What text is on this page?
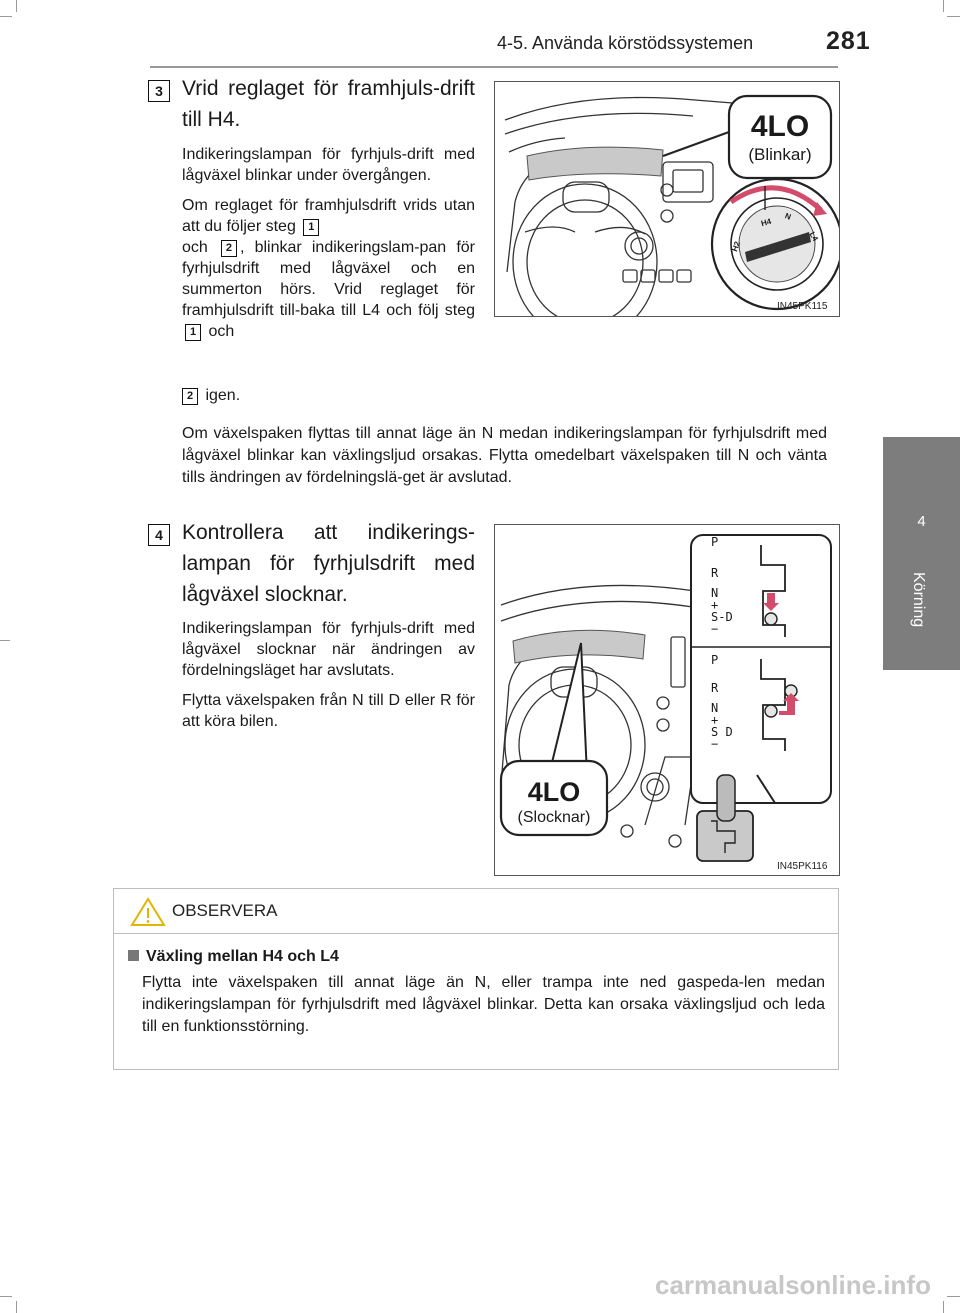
4-5. Använda körstödssystemen	281
4
Körning
3 Vrid reglaget för framhjuls-drift till H4.

Indikeringslampan för fyrhjuls-drift med lågväxel blinkar under övergången.

Om reglaget för framhjulsdrift vrids utan att du följer steg 1
och 2 , blinkar indikeringslam-pan för fyrhjulsdrift med lågväxel och en summerton hörs. Vrid reglaget för framhjulsdrift till-baka till L4 och följ steg 1 och

2 igen.
Om växelspaken flyttas till annat läge än N medan indikeringslampan för fyrhjulsdrift med lågväxel blinkar kan växlingsljud orsakas. Flytta omedelbart växelspaken till N och vänta tills ändringen av fördelningslä-get är avslutad.
4LO
(Blinkar)
H4
H2
N
L4
IN45PK115
4 Kontrollera att indikerings-lampan för fyrhjulsdrift med lågväxel slocknar.

Indikeringslampan för fyrhjuls-drift med lågväxel slocknar när ändringen av fördelningsläget har avslutats.

Flytta växelspaken från N till D eller R för att köra bilen.

P
R
N
+
S-D
−
P
R
N
+
S D
−
4LO
(Slocknar)
IN45PK116
OBSERVERA
Växling mellan H4 och L4
Flytta inte växelspaken till annat läge än N, eller trampa inte ned gaspeda-len medan indikeringslampan för fyrhjulsdrift med lågväxel blinkar. Detta kan orsaka växlingsljud och leda till en funktionsstörning.
carmanualsonline.info
